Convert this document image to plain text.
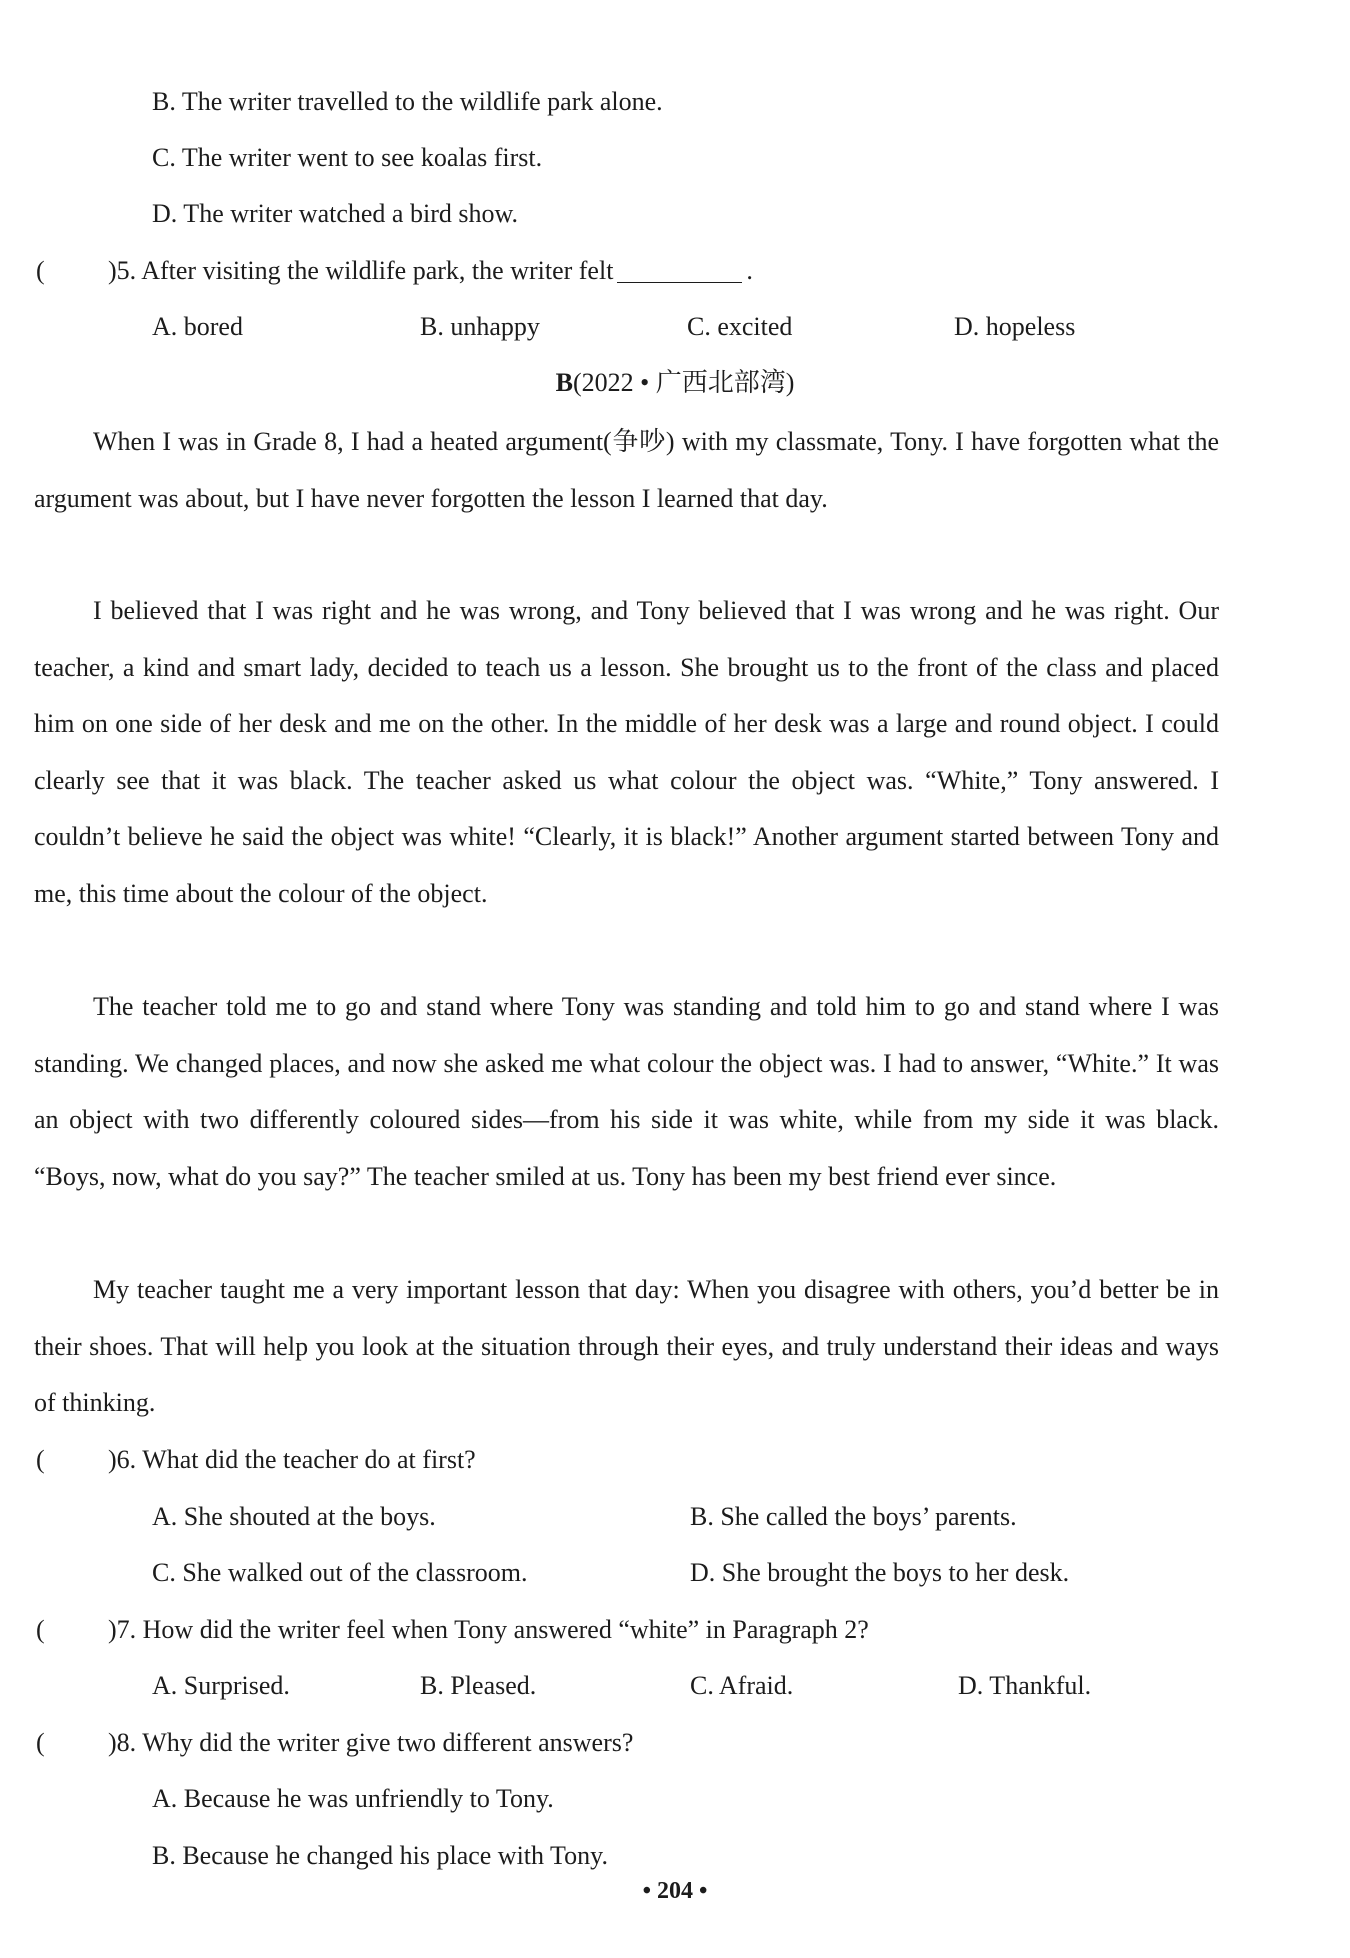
B. The writer travelled to the wildlife park alone.
C. The writer went to see koalas first.
D. The writer watched a bird show.
( )5. After visiting the wildlife park, the writer felt	.
A. bored	B. unhappy	C. excited	D. hopeless
B(2022 • 广西北部湾)
When I was in Grade 8, I had a heated argument(争吵) with my classmate, Tony. I have forgotten what the argument was about, but I have never forgotten the lesson I learned that day.
I believed that I was right and he was wrong, and Tony believed that I was wrong and he was right. Our teacher, a kind and smart lady, decided to teach us a lesson. She brought us to the front of the class and placed him on one side of her desk and me on the other. In the middle of her desk was a large and round object. I could clearly see that it was black. The teacher asked us what colour the object was. “White,” Tony answered. I couldn’t believe he said the object was white! “Clearly, it is black!” Another argument started between Tony and me, this time about the colour of the object.
The teacher told me to go and stand where Tony was standing and told him to go and stand where I was standing. We changed places, and now she asked me what colour the object was. I had to answer, “White.” It was an object with two differently coloured sides—from his side it was white, while from my side it was black. “Boys, now, what do you say?” The teacher smiled at us. Tony has been my best friend ever since.
My teacher taught me a very important lesson that day: When you disagree with others, you’d better be in their shoes. That will help you look at the situation through their eyes, and truly understand their ideas and ways of thinking.
( )6. What did the teacher do at first?
A. She shouted at the boys.	B. She called the boys’ parents.
C. She walked out of the classroom.	D. She brought the boys to her desk.
( )7. How did the writer feel when Tony answered “white” in Paragraph 2?
A. Surprised.	B. Pleased.	C. Afraid.	D. Thankful.
( )8. Why did the writer give two different answers?
A. Because he was unfriendly to Tony.
B. Because he changed his place with Tony.
• 204 •
